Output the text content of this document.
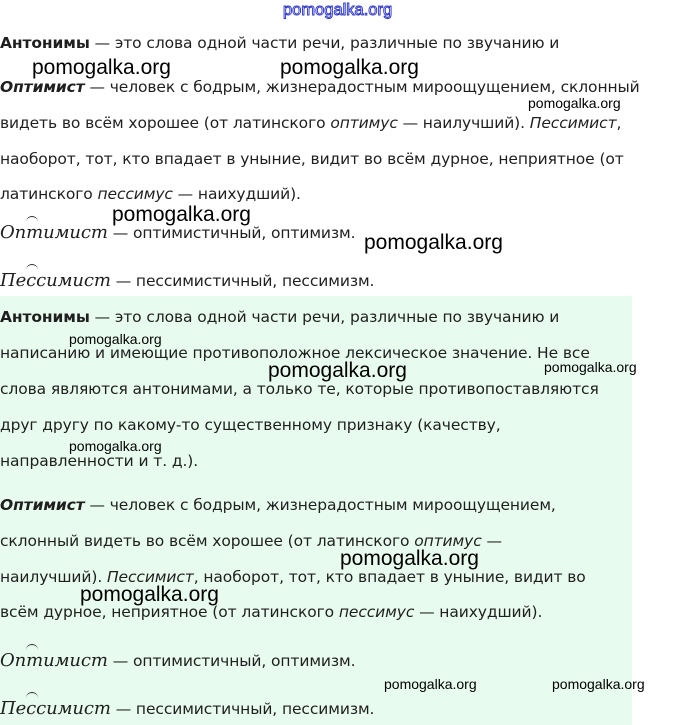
Антонимы — это слова одной части речи, различные по звучанию и
Оптимист — человек с бодрым, жизнерадостным мироощущением, склонный
видеть во всём хорошее (от латинского оптимус — наилучший). Пессимист,
наоборот, тот, кто впадает в уныние, видит во всём дурное, неприятное (от
латинского пессимус — наихудший).
Оптимист — оптимистичный, оптимизм.
Пессимист — пессимистичный, пессимизм.
Антонимы — это слова одной части речи, различные по звучанию и
написанию и имеющие противоположное лексическое значение. Не все
слова являются антонимами, а только те, которые противопоставляются
друг другу по какому-то существенному признаку (качеству,
направленности и т. д.).
Оптимист — человек с бодрым, жизнерадостным мироощущением,
склонный видеть во всём хорошее (от латинского оптимус —
наилучший). Пессимист, наоборот, тот, кто впадает в уныние, видит во
всём дурное, неприятное (от латинского пессимус — наихудший).
Оптимист — оптимистичный, оптимизм.
Пессимист — пессимистичный, пессимизм.
pomogalka.org
pomogalka.org	pomogalka.org
pomogalka.org
pomogalka.org
pomogalka.org
pomogalka.org
pomogalka.org	pomogalka.org
pomogalka.org
pomogalka.org
pomogalka.org
pomogalka.org	pomogalka.org
